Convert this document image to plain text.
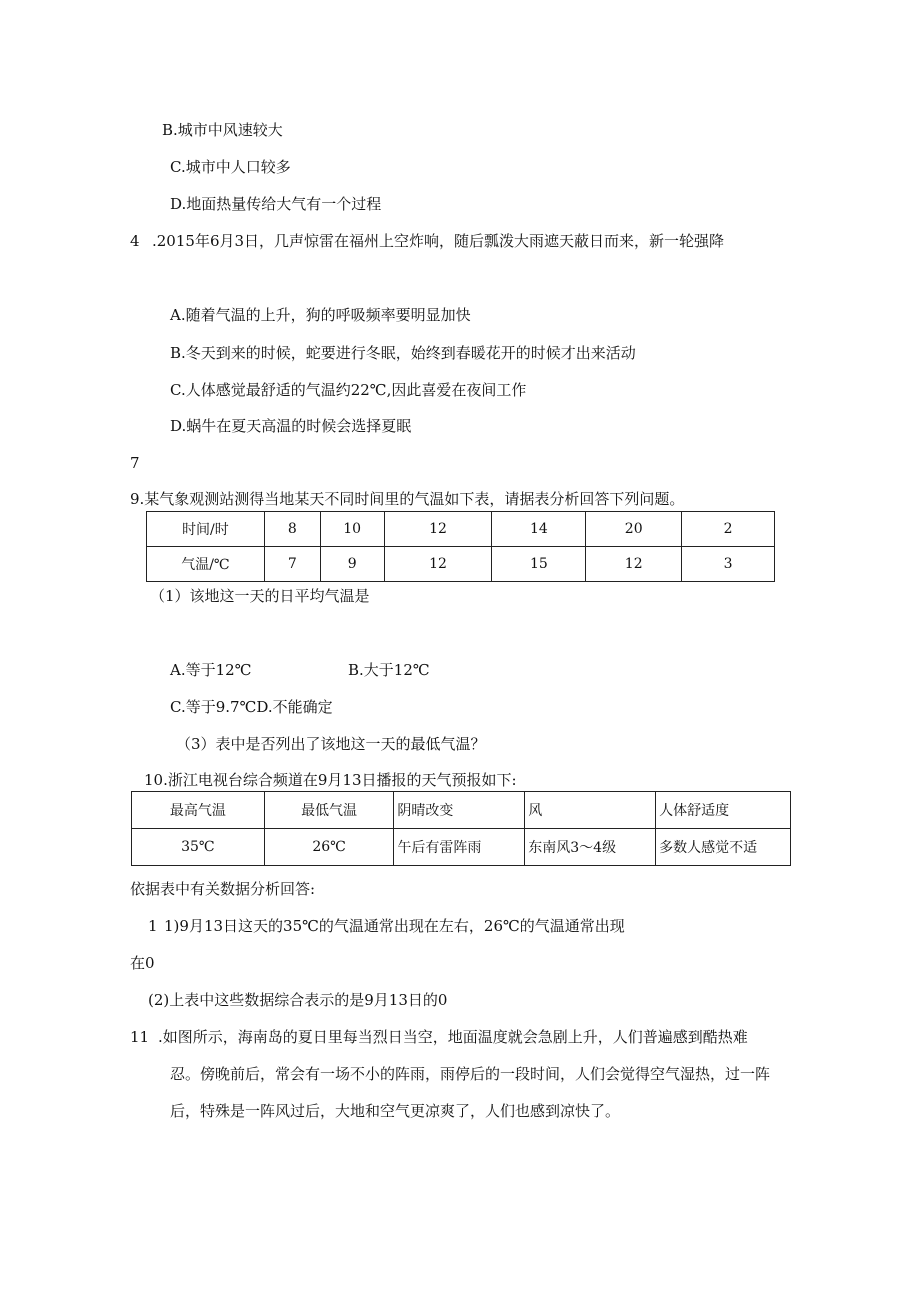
B.城市中风速较大
C.城市中人口较多
D.地面热量传给大气有一个过程
4 .2015年6月3日，几声惊雷在福州上空炸响，随后瓢泼大雨遮天蔽日而来，新一轮强降
A.随着气温的上升，狗的呼吸频率要明显加快
B.冬天到来的时候，蛇要进行冬眠，始终到春暖花开的时候才出来活动
C.人体感觉最舒适的气温约22℃,因此喜爱在夜间工作
D.蜗牛在夏天高温的时候会选择夏眠
7
9.某气象观测站测得当地某天不同时间里的气温如下表，请据表分析回答下列问题。
时间/时	8	10	12	14	20	2
气温/℃	7	9	12	15	12	3
（1）该地这一天的日平均气温是
A.等于12℃	B.大于12℃
C.等于9.7℃D.不能确定
（3）表中是否列出了该地这一天的最低气温？
10.浙江电视台综合频道在9月13日播报的天气预报如下:
最高气温	最低气温	阴晴改变	风	人体舒适度
35℃	26℃	午后有雷阵雨	东南风3～4级	多数人感觉不适
依据表中有关数据分析回答:
1 1)9月13日这天的35℃的气温通常出现在左右，26℃的气温通常出现
在0
(2)上表中这些数据综合表示的是9月13日的0
11 .如图所示，海南岛的夏日里每当烈日当空，地面温度就会急剧上升，人们普遍感到酷热难
忍。傍晚前后，常会有一场不小的阵雨，雨停后的一段时间，人们会觉得空气湿热，过一阵
后，特殊是一阵风过后，大地和空气更凉爽了，人们也感到凉快了。
